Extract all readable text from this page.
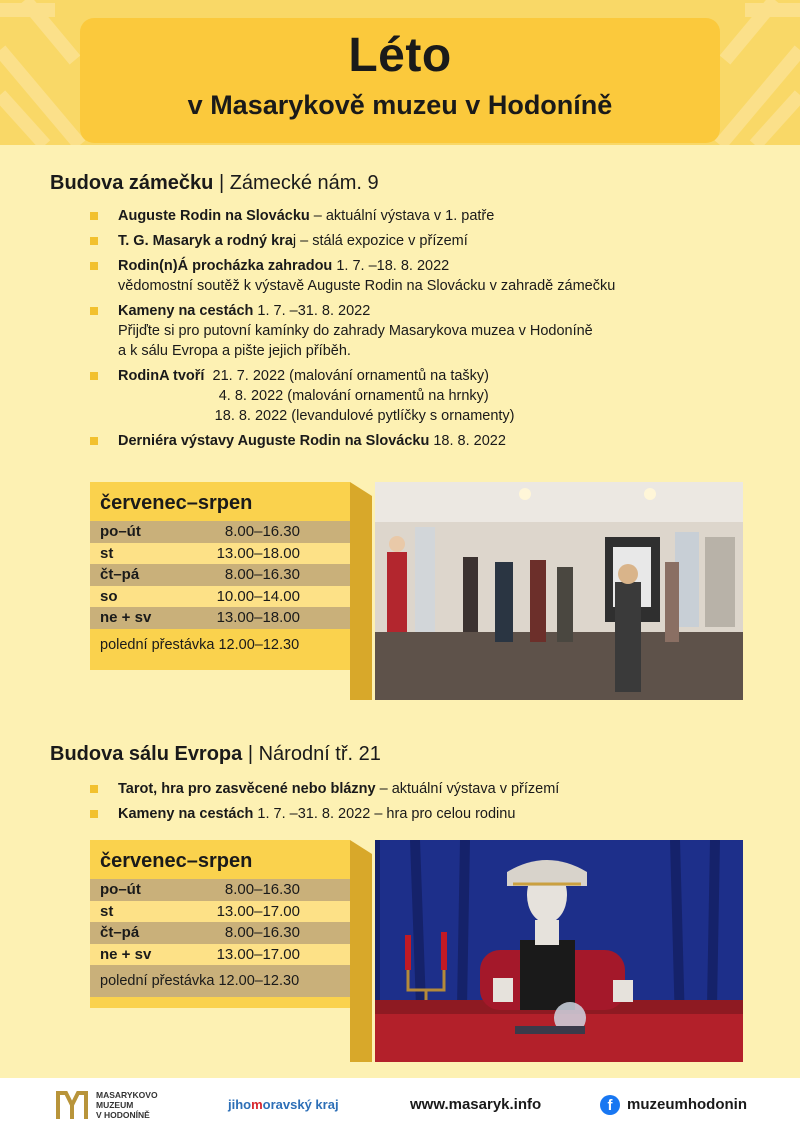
Léto
v Masarykově muzeu v Hodoníně
Budova zámečku | Zámecké nám. 9
Auguste Rodin na Slovácku – aktuální výstava v 1. patře
T. G. Masaryk a rodný kraj – stálá expozice v přízemí
Rodin(n)Á procházka zahradou 1. 7. –18. 8. 2022
vědomostní soutěž k výstavě Auguste Rodin na Slovácku v zahradě zámečku
Kameny na cestách 1. 7. –31. 8. 2022
Přijďte si pro putovní kamínky do zahrady Masarykova muzea v Hodoníně
a k sálu Evropa a pište jejich příběh.
RodinA tvoří  21. 7. 2022 (malování ornamentů na tašky)
4. 8. 2022 (malování ornamentů na hrnky)
18. 8. 2022 (levandulové pytlíčky s ornamenty)
Derniéra výstavy Auguste Rodin na Slovácku 18. 8. 2022
červenec–srpen
po–út	8.00–16.30
st	13.00–18.00
čt–pá	8.00–16.30
so	10.00–14.00
ne + sv	13.00–18.00
polední přestávka 12.00–12.30
Budova sálu Evropa | Národní tř. 21
Tarot, hra pro zasvěcené nebo blázny – aktuální výstava v přízemí
Kameny na cestách 1. 7. –31. 8. 2022 – hra pro celou rodinu
červenec–srpen
po–út	8.00–16.30
st	13.00–17.00
čt–pá	8.00–16.30
ne + sv	13.00–17.00
polední přestávka 12.00–12.30
MASARYKOVO
MUZEUM
V HODONÍNĚ
jihomoravský kraj	www.masaryk.info	f muzeumhodonin
